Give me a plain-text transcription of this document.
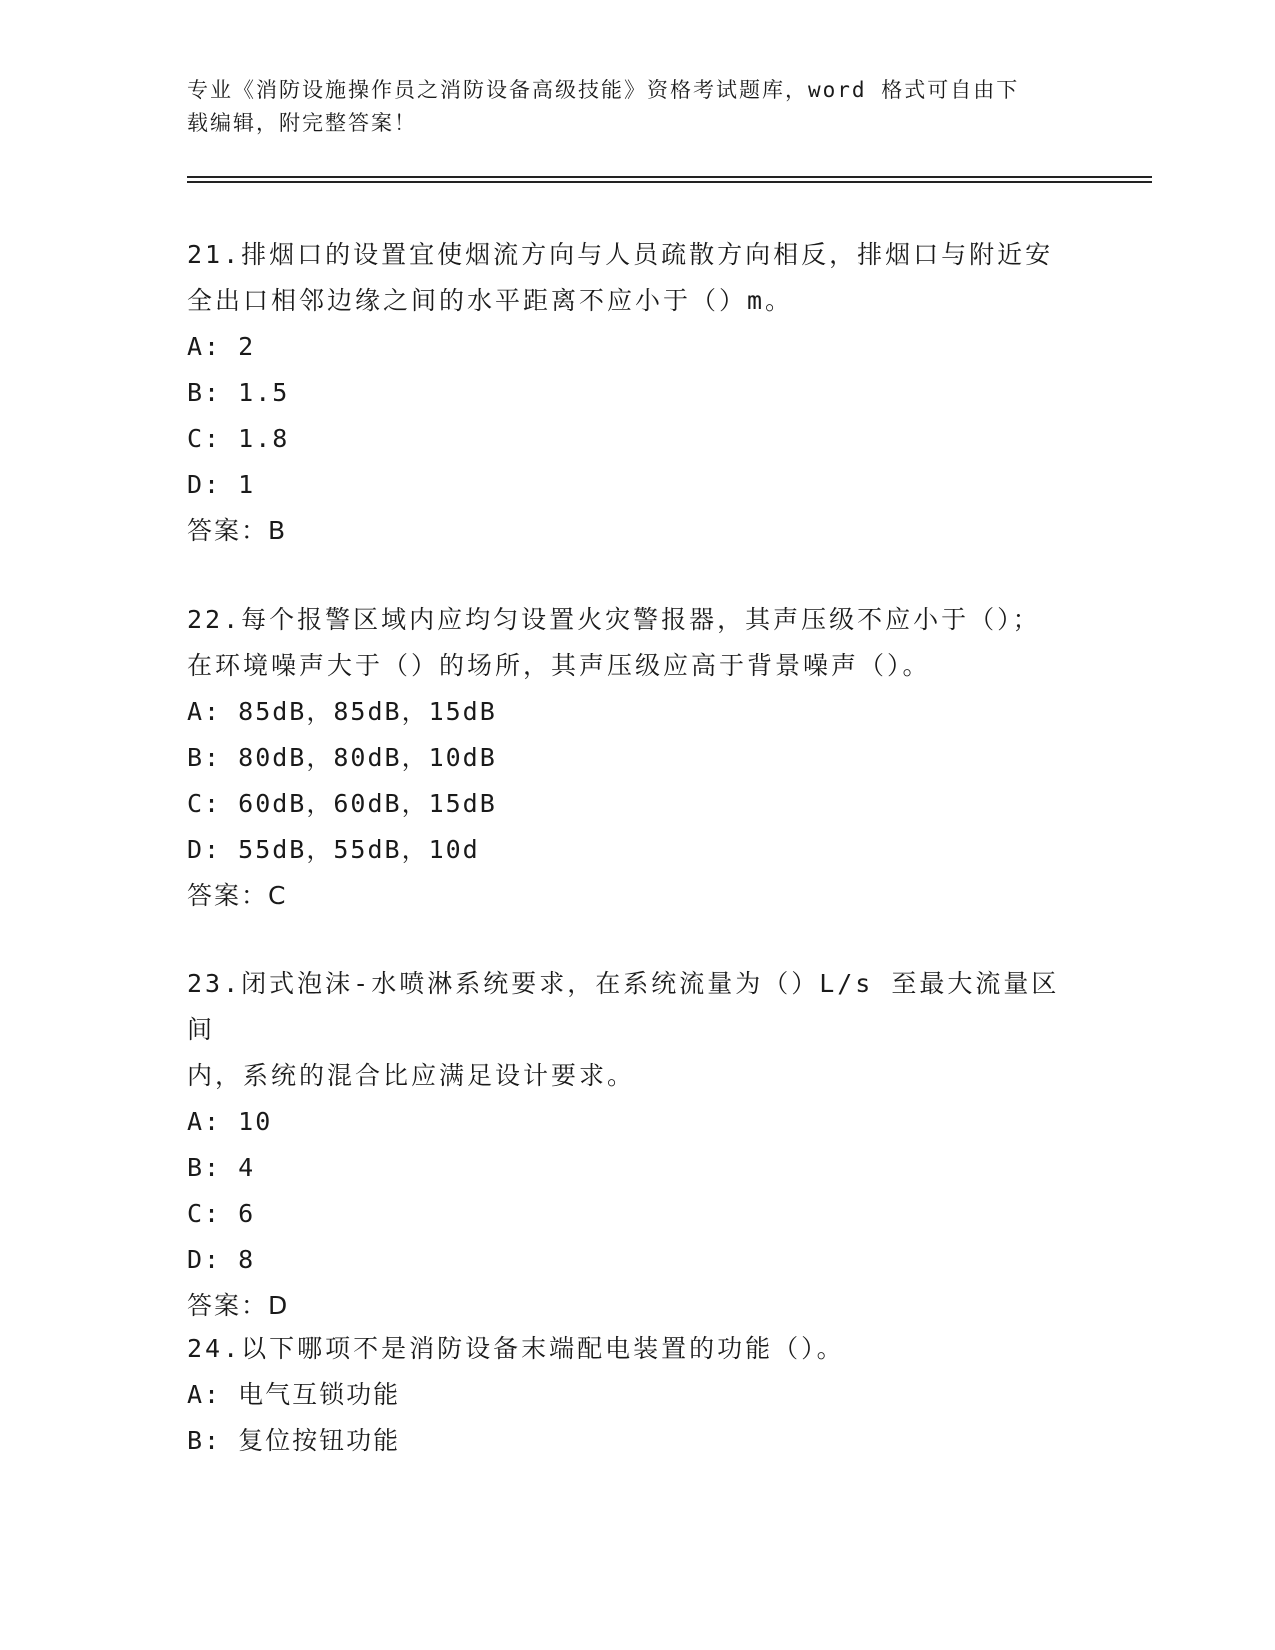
专业《消防设施操作员之消防设备高级技能》资格考试题库，word 格式可自由下
载编辑，附完整答案！

21.排烟口的设置宜使烟流方向与人员疏散方向相反，排烟口与附近安

全出口相邻边缘之间的水平距离不应小于（）m。

A: 2

B: 1.5

C: 1.8

D: 1

答案：B

22.每个报警区域内应均匀设置火灾警报器，其声压级不应小于（）；

在环境噪声大于（）的场所，其声压级应高于背景噪声（）。

A: 85dB，85dB，15dB

B: 80dB，80dB，10dB

C: 60dB，60dB，15dB

D: 55dB，55dB，10d

答案：C

23.闭式泡沫-水喷淋系统要求，在系统流量为（）L/s 至最大流量区间

内，系统的混合比应满足设计要求。

A: 10

B: 4

C: 6

D: 8

答案：D

24.以下哪项不是消防设备末端配电装置的功能（）。

A: 电气互锁功能

B: 复位按钮功能
